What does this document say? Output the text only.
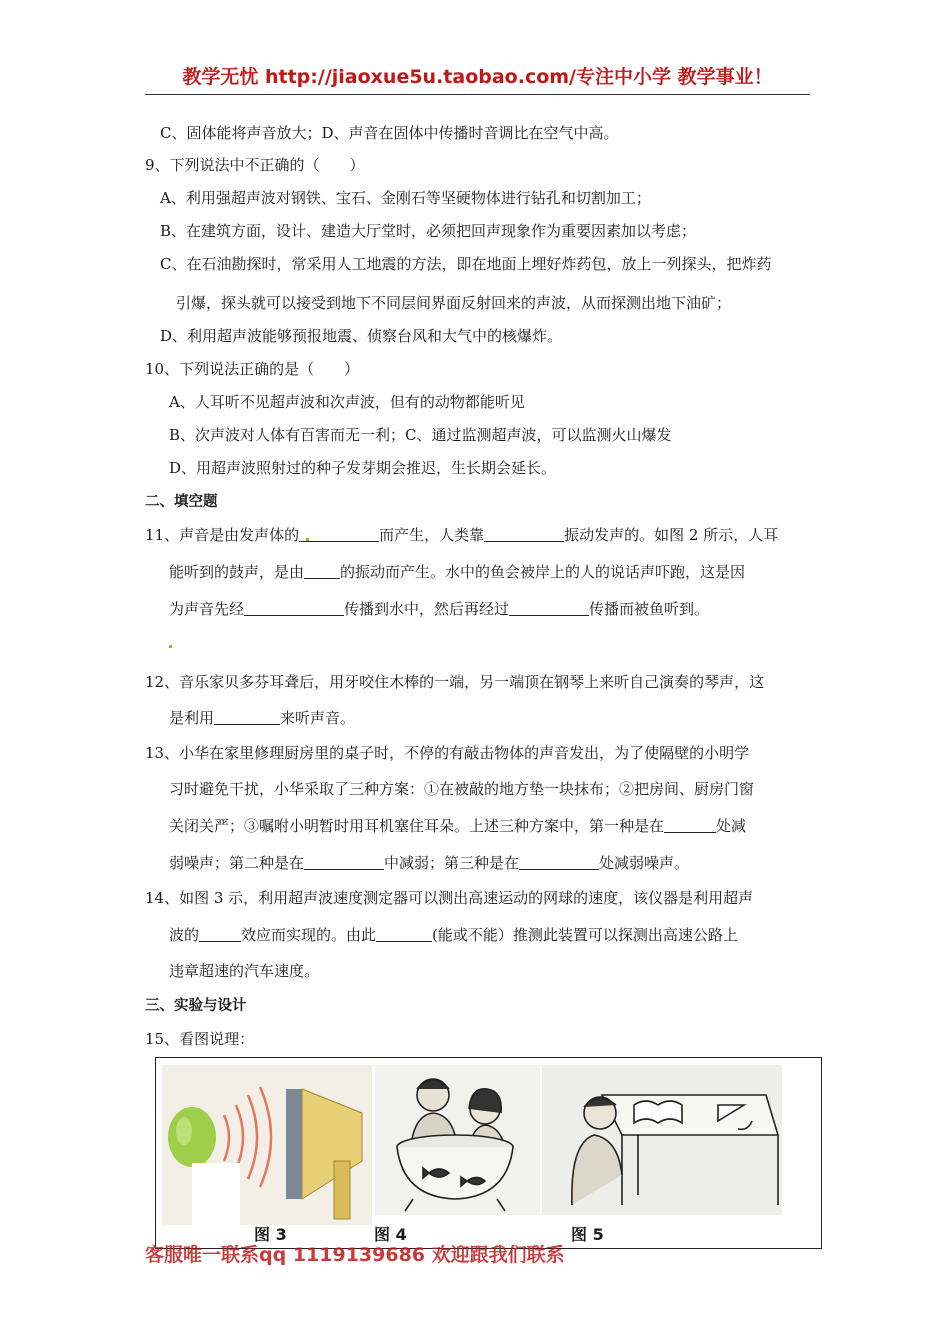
教学无忧 http://jiaoxue5u.taobao.com/专注中小学 教学事业！
C、固体能将声音放大；D、声音在固体中传播时音调比在空气中高。
9、下列说法中不正确的（　　）
A、利用强超声波对钢铁、宝石、金刚石等坚硬物体进行钻孔和切割加工；
B、在建筑方面，设计、建造大厅堂时，必须把回声现象作为重要因素加以考虑；
C、在石油勘探时，常采用人工地震的方法，即在地面上埋好炸药包，放上一列探头，把炸药
引爆，探头就可以接受到地下不同层间界面反射回来的声波，从而探测出地下油矿；
D、利用超声波能够预报地震、侦察台风和大气中的核爆炸。
10、下列说法正确的是（　　）
A、人耳听不见超声波和次声波，但有的动物都能听见
B、次声波对人体有百害而无一利；C、通过监测超声波，可以监测火山爆发
D、用超声波照射过的种子发芽期会推迟，生长期会延长。
二、填空题
11、声音是由发声体的	而产生，人类靠	振动发声的。如图 2 所示，人耳
能听到的鼓声，是由 的振动而产生。水中的鱼会被岸上的人的说话声吓跑，这是因
为声音先经	传播到水中，然后再经过	传播而被鱼听到。
12、音乐家贝多芬耳聋后，用牙咬住木棒的一端，另一端顶在钢琴上来听自己演奏的琴声，这
是利用	来听声音。
13、小华在家里修理厨房里的桌子时，不停的有敲击物体的声音发出，为了使隔壁的小明学
习时避免干扰，小华采取了三种方案：①在被敲的地方垫一块抹布；②把房间、厨房门窗
关闭关严；③嘱咐小明暂时用耳机塞住耳朵。上述三种方案中，第一种是在	处减
弱噪声；第二种是在	中减弱；第三种是在	处减弱噪声。
14、如图 3 示，利用超声波速度测定器可以测出高速运动的网球的速度，该仪器是利用超声
波的	效应而实现的。由此	(能或不能）推测此装置可以探测出高速公路上
违章超速的汽车速度。
三、实验与设计
15、看图说理：
图 3	图 4	图 5
客服唯一联系qq 1119139686 欢迎跟我们联系
